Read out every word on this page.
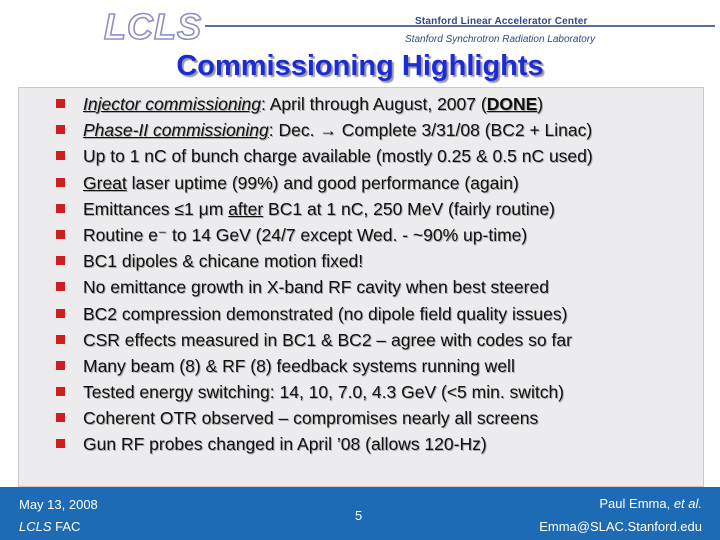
LCLS	Stanford Linear Accelerator Center
Stanford Synchrotron Radiation Laboratory
Commissioning Highlights
Injector commissioning: April through August, 2007 (DONE)
Phase-II commissioning: Dec. → Complete 3/31/08 (BC2 + Linac)
Up to 1 nC of bunch charge available (mostly 0.25 & 0.5 nC used)
Great laser uptime (99%) and good performance (again)
Emittances ≤1 μm after BC1 at 1 nC, 250 MeV (fairly routine)
Routine e⁻ to 14 GeV (24/7 except Wed. - ~90% up-time)
BC1 dipoles & chicane motion fixed!
No emittance growth in X-band RF cavity when best steered
BC2 compression demonstrated (no dipole field quality issues)
CSR effects measured in BC1 & BC2 – agree with codes so far
Many beam (8) & RF (8) feedback systems running well
Tested energy switching: 14, 10, 7.0, 4.3 GeV (<5 min. switch)
Coherent OTR observed – compromises nearly all screens
Gun RF probes changed in April ’08 (allows 120-Hz)
May 13, 2008
LCLS FAC
5
Paul Emma, et al.
Emma@SLAC.Stanford.edu
